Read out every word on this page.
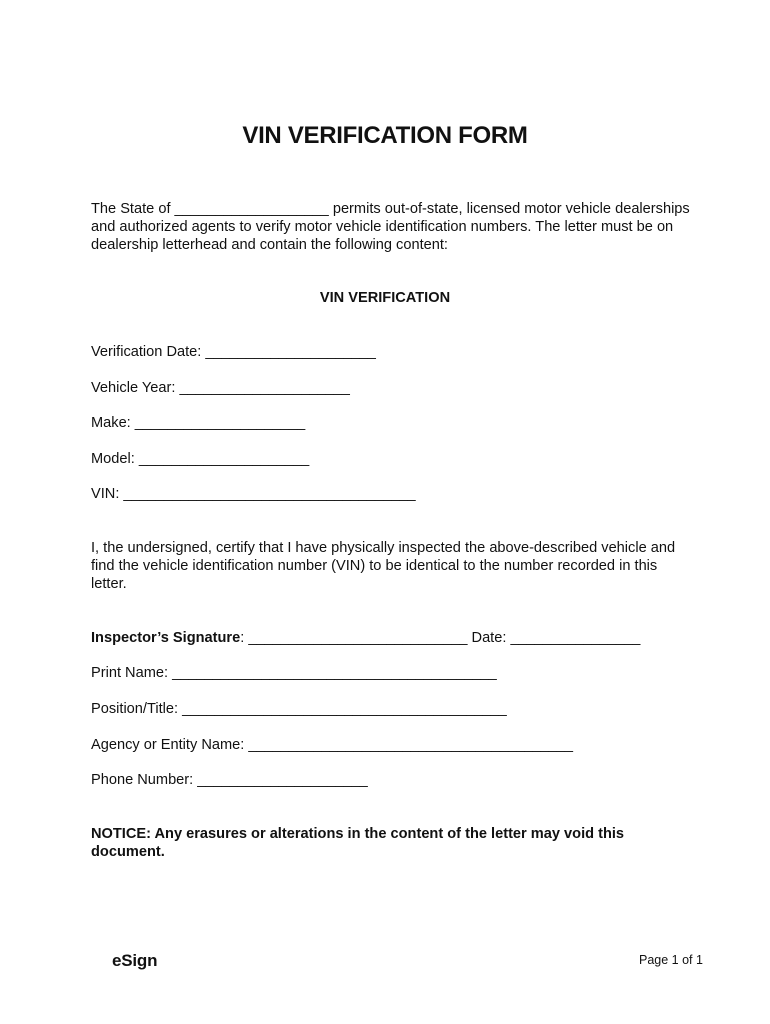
VIN VERIFICATION FORM
The State of ___________________ permits out-of-state, licensed motor vehicle dealerships and authorized agents to verify motor vehicle identification numbers. The letter must be on dealership letterhead and contain the following content:
VIN VERIFICATION
Verification Date: _____________________
Vehicle Year: _____________________
Make: _____________________
Model: _____________________
VIN: ____________________________________
I, the undersigned, certify that I have physically inspected the above-described vehicle and find the vehicle identification number (VIN) to be identical to the number recorded in this letter.
Inspector’s Signature: ___________________________ Date: ________________
Print Name: ________________________________________
Position/Title: ________________________________________
Agency or Entity Name: ________________________________________
Phone Number: _____________________
NOTICE: Any erasures or alterations in the content of the letter may void this document.
eSign	Page 1 of 1
